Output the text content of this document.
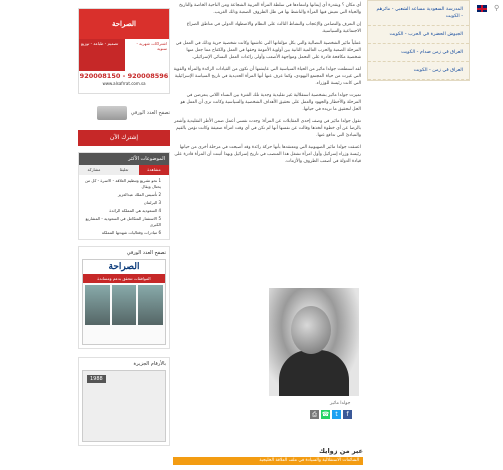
⚲
الصراحة
تصميم - طباعة - توزيع	اشتراكات شهرية - سنوية
920008150 - 920008596
www.alsafrrat.com.sa
تصفح العدد الورقي
إشترك الآن
الموضوعات الأكثر
مشاركة	تعليقا	مشاهدة
1 نحو تشريع وتنظيم العلاقة - الاسرة - كل من يحتال ويقال
2 تأسيس الملك عبدالعزيز
3 البرلمان
4 السعودية هي المملكة الرائدة
5 الاستثمار المتكامل في السعودية - المشاريع الكبرى
6 مبادرات وفعاليات شهدتها المملكة
تصفح العدد الورقي
الصراحة
الموافقات تتحقق بدعم ومساندة
بالأرقام الجزيرة
1988

أي مكان ؟ وبقدرة أي إيمانها وانتماءها في سلطة المرأة العربية الشجاعة ومن الناحية الخاصة والتاريخ والحياة التي تعيش فيها المرأة والناشط بها في ظل الظروف الصعبة وذلك الغريب.

إن النعرف والتضامن والإعجاب والنشاط الثالث على النظام والاضطهاد الدولي في مناطق الصراع الاجتماعية والسياسية.

عملياً مائير الشخصية النضالية والتي بكل مؤلفاتها التي عاشتها وكانت شخصية حرية وذلك في العمل في المرحلة الصعبة والحرب العالمية الثانية بين أولوية الأمومة وحقها في العمل والكفاح مما جعل منها شخصية مكافحة قادرة على التحمل ومواجهة الأصعب وأولى رائدات العمل النسائي الإسرائيلي.

لقد استطعت جولدا مائير من الحياة السياسية التي عايشتها أن تكون من القيادات الرائدة والمرأة والقوية التي غيرت من حياة المجتمع اليهودي، وكما عرف عنها أنها المرأة الحديدية في تاريخ السياسة الإسرائيلية التي كانت رئيسة للوزراء.

تميزت جولدا مائير بشخصية استقلالية غير تقليدية وجدية تلك الفترة بين النساء اللاتي يتعرضن في المرحلة والأخطار والجهود والعمل على تحقيق الأهداف الشخصية والسياسية وكانت ترى أن العمل هو الحل لتحقيق ما تريده في حياتها.

تقول جولدا مائير في وصف إحدى المقابلات عن المرأة: وجدت نفسي أعمل ضمن الأطر التقليدية وأشعر بالرضا عن أي خطوة أتخذها وقالت عن نفسها أنها لم تكن في أي وقت امرأة ضعيفة وكانت تؤمن بالقيم والمبادئ التي تدافع عنها.

اعتنقت جولدا مائير الصهيونية التي ومعتقدها بأنها حركة رائدة وقد أصبحت في مرحلة أخرى من حياتها رئيسة وزراء إسرائيل وأول امرأة تشغل هذا المنصب في تاريخ إسرائيل وبهذا أثبتت أن المرأة قادرة على قيادة الدولة في أصعب الظروف والأزمات.

جولدا مائير
⎙ ☎	t	f
عبر من زوايك
الشائعات الاستقلالية والسيادة في ملف العلاقة الخليجية
المدرسة السعودية مساعد الشعبي - مائرهم - الكويت
الجيوش الحضرة في الحرب - الكويت
العراق في زمن صدام - الكويت
العراق في زمن - الكويت
